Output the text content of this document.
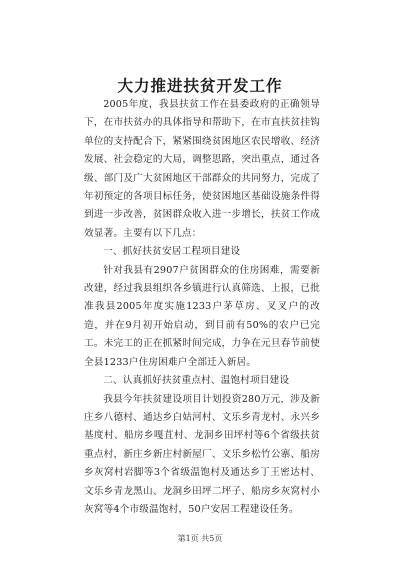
大力推进扶贫开发工作

2005年度，我县扶贫工作在县委政府的正确领导下，在市扶贫办的具体指导和帮助下，在市直扶贫挂钩单位的支持配合下，紧紧围绕贫困地区农民增收、经济发展、社会稳定的大局，调整思路，突出重点，通过各级、部门及广大贫困地区干部群众的共同努力，完成了年初预定的各项目标任务，使贫困地区基础设施条件得到进一步改善，贫困群众收入进一步增长，扶贫工作成效显著。主要有以下几点：

一、抓好扶贫安居工程项目建设

针对我县有2907户贫困群众的住房困难，需要新改建，经过我县组织各乡镇进行认真筛选、上报，已批准我县2005年度实施1233户茅草房、叉叉户的改造，并在9月初开始启动，到目前有50%的农户已完工。未完工的正在抓紧时间完成，力争在元旦春节前使全县1233户住房困难户全部迁入新居。

二、认真抓好扶贫重点村、温饱村项目建设

我县今年扶贫建设项目计划投资280万元，涉及新庄乡八德村、通达乡白姑河村、文乐乡青龙村、永兴乡基度村、船房乡嘎苴村、龙洞乡田坪村等6个省级扶贫重点村，新庄乡新庄村新屋厂、文乐乡松竹公寨、船房乡灰窝村岩脚等3个省级温饱村及通达乡丁王密达村、文乐乡青龙黑山、龙洞乡田坪二坪子、船房乡灰窝村小灰窝等4个市级温饱村，50户安居工程建设任务。

第1页 共5页
